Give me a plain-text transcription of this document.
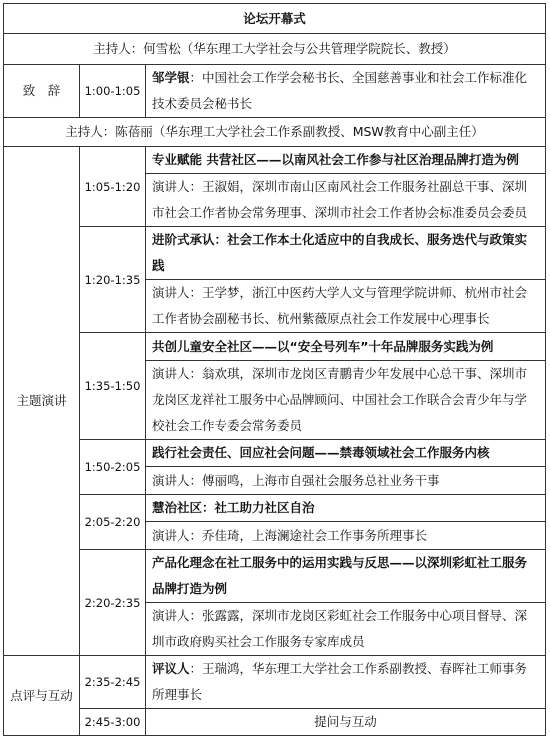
论坛开幕式		
主持人：何雪松（华东理工大学社会与公共管理学院院长、教授）		
致　辞	1:00-1:05	邹学银：中国社会工作学会秘书长、全国慈善事业和社会工作标准化技术委员会秘书长
主持人：陈蓓丽（华东理工大学社会工作系副教授、MSW教育中心副主任）		
主题演讲	1:05-1:20	专业赋能 共营社区——以南风社会工作参与社区治理品牌打造为例
		演讲人：王淑娟，深圳市南山区南风社会工作服务社副总干事、深圳市社会工作者协会常务理事、深圳市社会工作者协会标准委员会委员
	1:20-1:35	进阶式承认：社会工作本土化适应中的自我成长、服务迭代与政策实践
		演讲人：王学梦，浙江中医药大学人文与管理学院讲师、杭州市社会工作者协会副秘书长、杭州紫薇原点社会工作发展中心理事长
	1:35-1:50	共创儿童安全社区——以“安全号列车”十年品牌服务实践为例
		演讲人：翁欢琪，深圳市龙岗区青鹏青少年发展中心总干事、深圳市龙岗区龙祥社工服务中心品牌顾问、中国社会工作联合会青少年与学校社会工作专委会常务委员
	1:50-2:05	践行社会责任、回应社会问题——禁毒领域社会工作服务内核
		演讲人：傅丽鸣，上海市自强社会服务总社业务干事
	2:05-2:20	慧治社区：社工助力社区自治
		演讲人：乔佳琦，上海澜途社会工作事务所理事长
	2:20-2:35	产品化理念在社工服务中的运用实践与反思——以深圳彩虹社工服务品牌打造为例
		演讲人：张露露，深圳市龙岗区彩虹社会工作服务中心项目督导、深圳市政府购买社会工作服务专家库成员
点评与互动	2:35-2:45	评议人：王瑞鸿，华东理工大学社会工作系副教授、春晖社工师事务所理事长
	2:45-3:00	提问与互动
